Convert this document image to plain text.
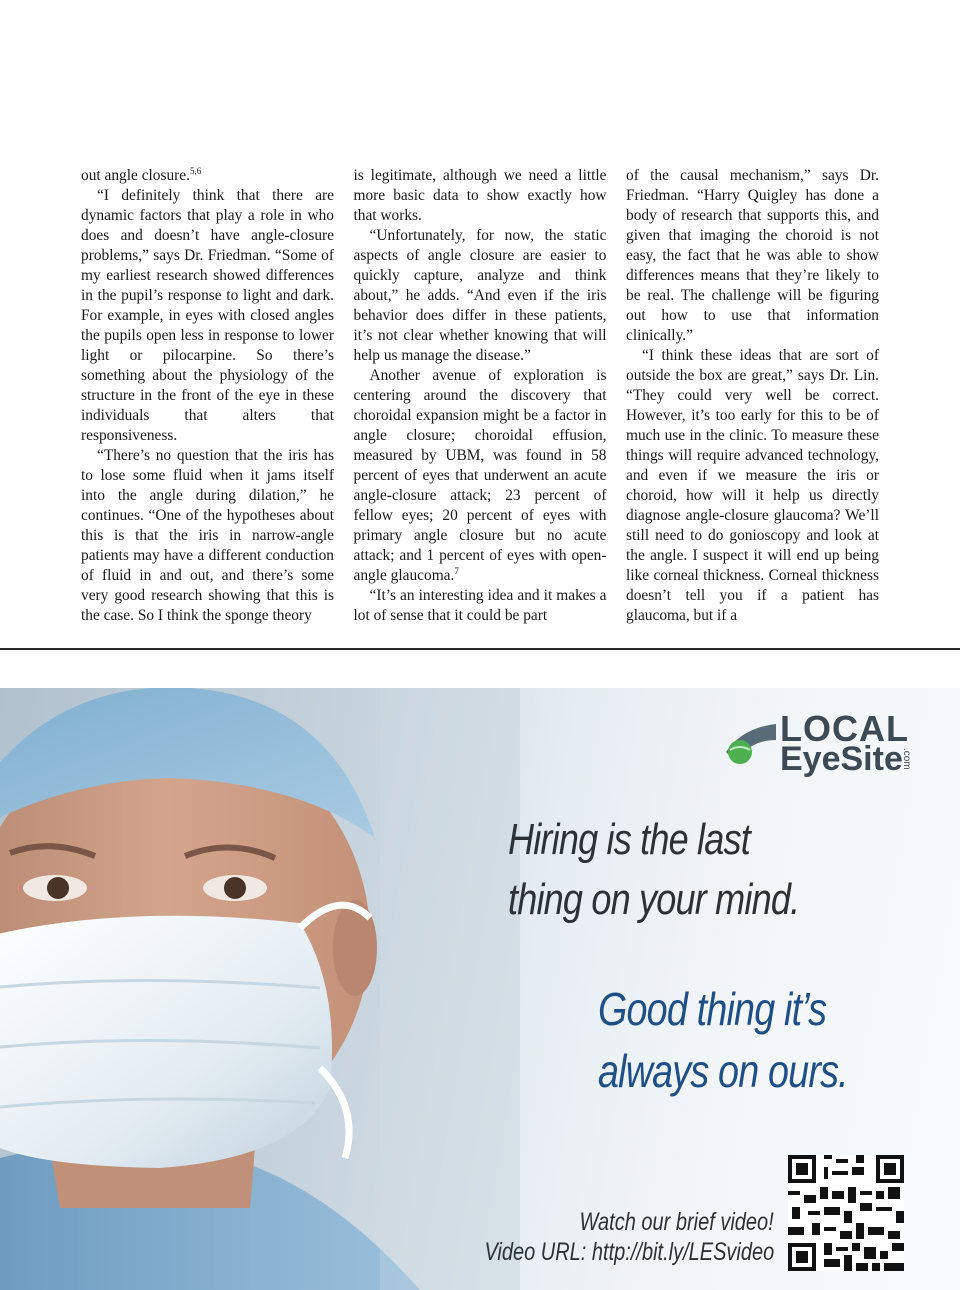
out angle closure.$^{5,6}$

“I definitely think that there are dynamic factors that play a role in who does and doesn’t have angle-closure problems,” says Dr. Friedman. “Some of my earliest research showed differences in the pupil’s response to light and dark. For example, in eyes with closed angles the pupils open less in response to lower light or pilocarpine. So there’s something about the physiology of the structure in the front of the eye in these individuals that alters that responsiveness.

“There’s no question that the iris has to lose some fluid when it jams itself into the angle during dilation,” he continues. “One of the hypotheses about this is that the iris in narrow-angle patients may have a different conduction of fluid in and out, and there’s some very good research showing that this is the case. So I think the sponge theory

is legitimate, although we need a little more basic data to show exactly how that works.

“Unfortunately, for now, the static aspects of angle closure are easier to quickly capture, analyze and think about,” he adds. “And even if the iris behavior does differ in these patients, it’s not clear whether knowing that will help us manage the disease.”

Another avenue of exploration is centering around the discovery that choroidal expansion might be a factor in angle closure; choroidal effusion, measured by UBM, was found in 58 percent of eyes that underwent an acute angle-closure attack; 23 percent of fellow eyes; 20 percent of eyes with primary angle closure but no acute attack; and 1 percent of eyes with open-angle glaucoma.$^7$

“It’s an interesting idea and it makes a lot of sense that it could be part

of the causal mechanism,” says Dr. Friedman. “Harry Quigley has done a body of research that supports this, and given that imaging the choroid is not easy, the fact that he was able to show differences means that they’re likely to be real. The challenge will be figuring out how to use that information clinically.”

“I think these ideas that are sort of outside the box are great,” says Dr. Lin. “They could very well be correct. However, it’s too early for this to be of much use in the clinic. To measure these things will require advanced technology, and even if we measure the iris or choroid, how will it help us directly diagnose angle-closure glaucoma? We’ll still need to do gonioscopy and look at the angle. I suspect it will end up being like corneal thickness. Corneal thickness doesn’t tell you if a patient has glaucoma, but if a

LOCAL
EyeSite
.com
Hiring is the last
thing on your mind.
Good thing it’s
always on ours.
Watch our brief video!
Video URL: http://bit.ly/LESvideo
